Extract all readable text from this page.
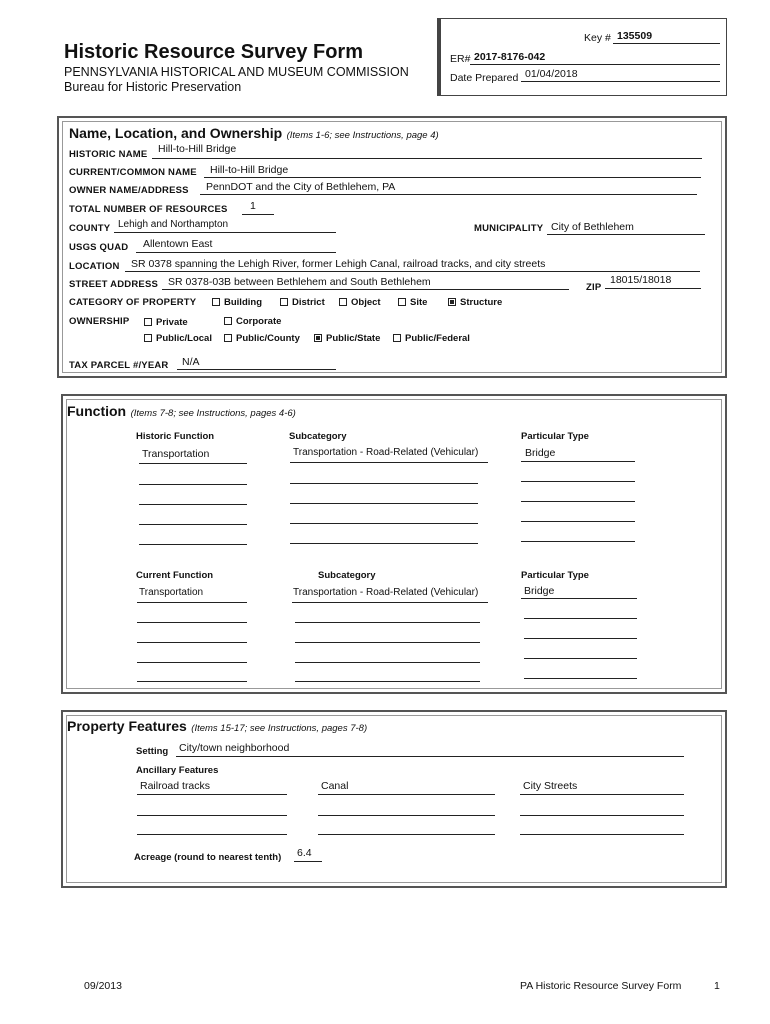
Historic Resource Survey Form
PENNSYLVANIA HISTORICAL AND MUSEUM COMMISSION
Bureau for Historic Preservation
Key # 135509
ER# 2017-8176-042
Date Prepared 01/04/2018
Name, Location, and Ownership (Items 1-6; see Instructions, page 4)
HISTORIC NAME Hill-to-Hill Bridge
CURRENT/COMMON NAME Hill-to-Hill Bridge
OWNER NAME/ADDRESS PennDOT and the City of Bethlehem, PA
TOTAL NUMBER OF RESOURCES 1
COUNTY Lehigh and Northampton	MUNICIPALITY City of Bethlehem
USGS QUAD Allentown East
LOCATION SR 0378 spanning the Lehigh River, former Lehigh Canal, railroad tracks, and city streets
STREET ADDRESS SR 0378-03B between Bethlehem and South Bethlehem	ZIP
18015/18018
CATEGORY OF PROPERTY	Building	District	Object	Site	Structure
OWNERSHIP	Private	Corporate
Public/Local	Public/County	Public/State	Public/Federal
TAX PARCEL #/YEAR N/A
Function (Items 7-8; see Instructions, pages 4-6)
Historic Function	Subcategory	Particular Type
Transportation	Transportation - Road-Related (Vehicular)	Bridge
Current Function	Subcategory	Particular Type
Transportation	Transportation - Road-Related (Vehicular)	Bridge
Property Features (Items 15-17; see Instructions, pages 7-8)
Setting City/town neighborhood
Ancillary Features
Railroad tracks	Canal	City Streets
Acreage (round to nearest tenth) 6.4
09/2013	PA Historic Resource Survey Form	1
